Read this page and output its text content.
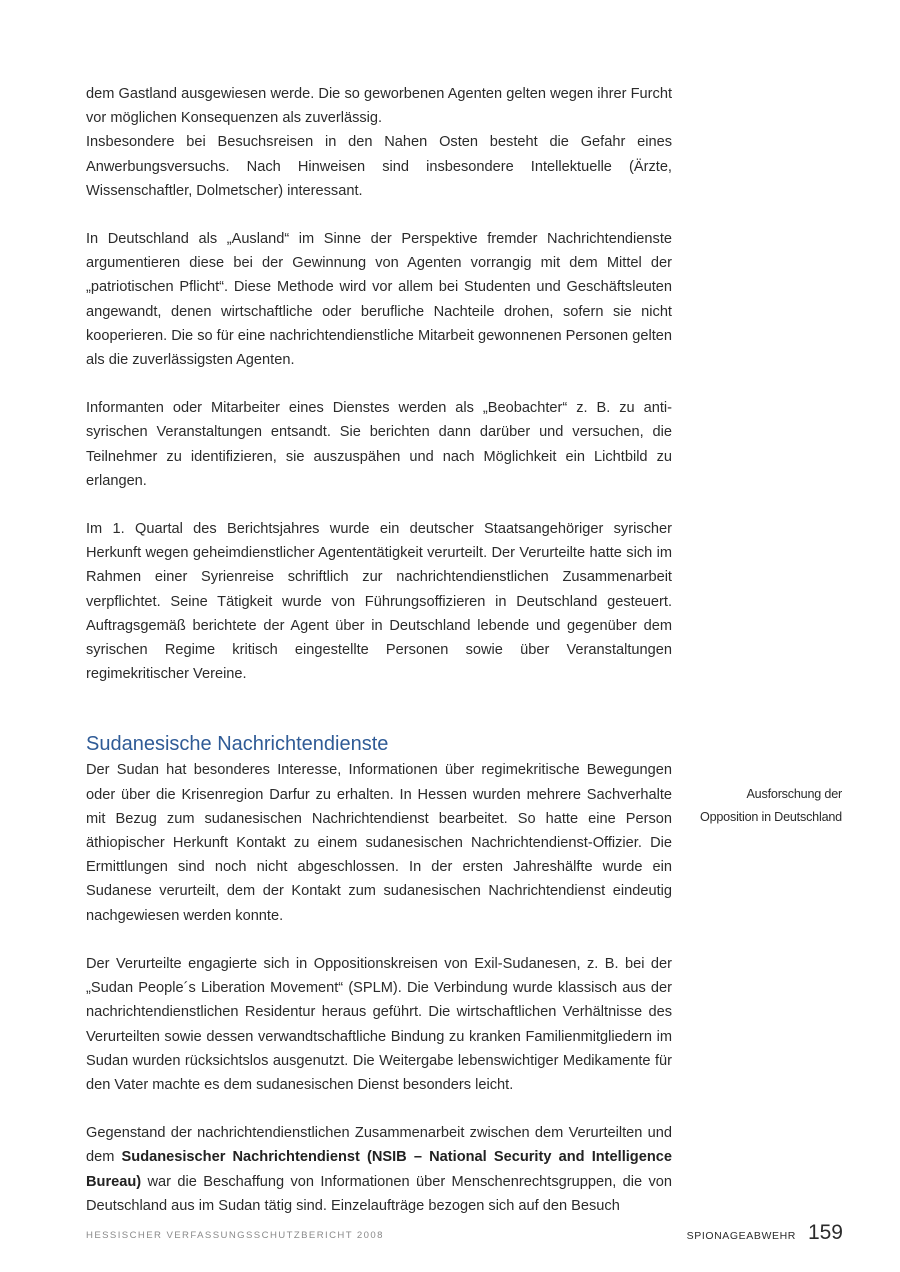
dem Gastland ausgewiesen werde. Die so geworbenen Agenten gelten wegen ihrer Furcht vor möglichen Konsequenzen als zuverlässig.

Insbesondere bei Besuchsreisen in den Nahen Osten besteht die Gefahr eines Anwerbungsversuchs. Nach Hinweisen sind insbesondere Intellektuelle (Ärzte, Wissenschaftler, Dolmetscher) interessant.

In Deutschland als „Ausland“ im Sinne der Perspektive fremder Nachrichtendienste argumentieren diese bei der Gewinnung von Agenten vorrangig mit dem Mittel der „patriotischen Pflicht“. Diese Methode wird vor allem bei Studenten und Geschäftsleuten angewandt, denen wirtschaftliche oder berufliche Nachteile drohen, sofern sie nicht kooperieren. Die so für eine nachrichtendienstliche Mitarbeit gewonnenen Personen gelten als die zuverlässigsten Agenten.

Informanten oder Mitarbeiter eines Dienstes werden als „Beobachter“ z. B. zu anti-syrischen Veranstaltungen entsandt. Sie berichten dann darüber und versuchen, die Teilnehmer zu identifizieren, sie auszuspähen und nach Möglichkeit ein Lichtbild zu erlangen.

Im 1. Quartal des Berichtsjahres wurde ein deutscher Staatsangehöriger syrischer Herkunft wegen geheimdienstlicher Agententätigkeit verurteilt. Der Verurteilte hatte sich im Rahmen einer Syrienreise schriftlich zur nachrichtendienstlichen Zusammenarbeit verpflichtet. Seine Tätigkeit wurde von Führungsoffizieren in Deutschland gesteuert. Auftragsgemäß berichtete der Agent über in Deutschland lebende und gegenüber dem syrischen Regime kritisch eingestellte Personen sowie über Veranstaltungen regimekritischer Vereine.

Sudanesische Nachrichtendienste

Der Sudan hat besonderes Interesse, Informationen über regimekritische Bewegungen oder über die Krisenregion Darfur zu erhalten. In Hessen wurden mehrere Sachverhalte mit Bezug zum sudanesischen Nachrichtendienst bearbeitet. So hatte eine Person äthiopischer Herkunft Kontakt zu einem sudanesischen Nachrichtendienst-Offizier. Die Ermittlungen sind noch nicht abgeschlossen. In der ersten Jahreshälfte wurde ein Sudanese verurteilt, dem der Kontakt zum sudanesischen Nachrichtendienst eindeutig nachgewiesen werden konnte.

Der Verurteilte engagierte sich in Oppositionskreisen von Exil-Sudanesen, z. B. bei der „Sudan People´s Liberation Movement“ (SPLM). Die Verbindung wurde klassisch aus der nachrichtendienstlichen Residentur heraus geführt. Die wirtschaftlichen Verhältnisse des Verurteilten sowie dessen verwandtschaftliche Bindung zu kranken Familienmitgliedern im Sudan wurden rücksichtslos ausgenutzt. Die Weitergabe lebenswichtiger Medikamente für den Vater machte es dem sudanesischen Dienst besonders leicht.

Gegenstand der nachrichtendienstlichen Zusammenarbeit zwischen dem Verurteilten und dem Sudanesischer Nachrichtendienst (NSIB – National Security and Intelligence Bureau) war die Beschaffung von Informationen über Menschenrechtsgruppen, die von Deutschland aus im Sudan tätig sind. Einzelaufträge bezogen sich auf den Besuch

Ausforschung der
Opposition in Deutschland
HESSISCHER VERFASSUNGSSCHUTZBERICHT 2008	SPIONAGEABWEHR 159
